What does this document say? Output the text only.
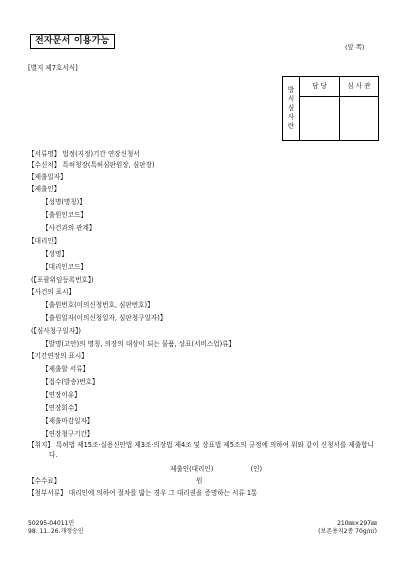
전자문서 이용가능
(앞 쪽)
[별지 제7호서식]
방
식
심
사
란	담 당	심 사 관

【서류명】 법정(지정)기간 연장신청서
【수신처】 특허청장(특허심판원장, 심판장)
【제출일자】
【제출인】
【성명(명칭)】
【출원인코드】
【사건과의 관계】
【대리인】
【성명】
【대리인코드】
(【포괄위임등록번호】)
【사건의 표시】
【출원번호(이의신청번호, 심판번호)】
【출원일자(이의신청일자, 심판청구일자)】
(【심사청구일자】)
【발명(고안)의 명칭, 의장의 대상이 되는 물품, 상표(서비스업)류】
【기간연장의 표시】
【제출할 서류】
【접수(발송)번호】
【연장이유】
【연장회수】
【제출마감일자】
【연장청구기간】
【취지】 특허법 제15조·실용신안법 제3조·의장법 제4조 및 상표법 제5조의 규정에 의하여 위와 같이 신청서를 제출합니다.
제출인(대리인)	(인)
【수수료】	원
【첨부서류】 대리인에 의하여 절차를 밟는 경우 그 대리권을 증명하는 서류 1통
50295-04011민
98. 11. 26.개정승인
210㎜×297㎜
(보존용지2종 70g/㎡)
